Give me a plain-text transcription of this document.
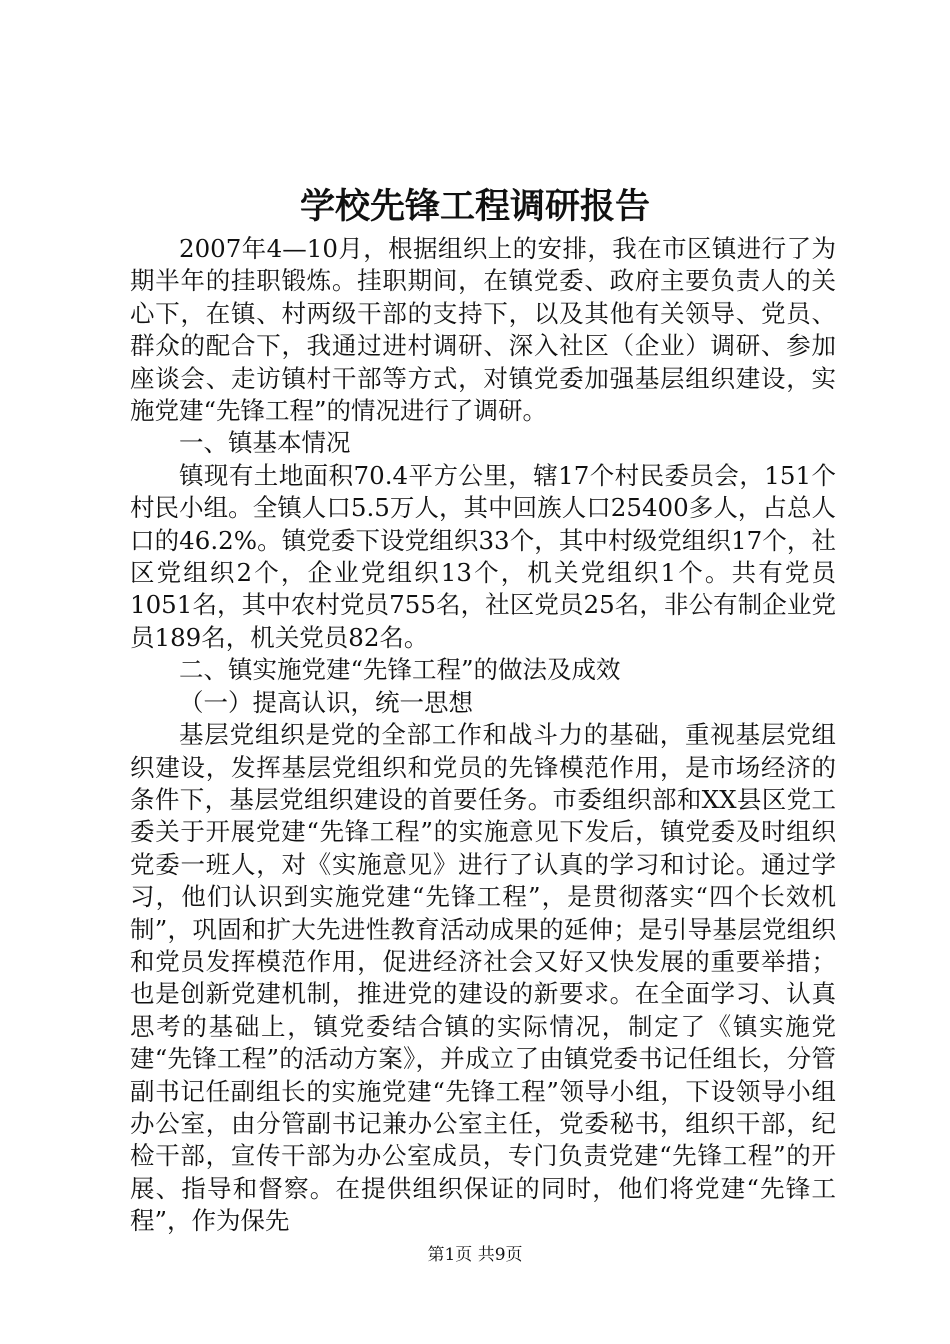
学校先锋工程调研报告

2007年4—10月，根据组织上的安排，我在市区镇进行了为期半年的挂职锻炼。挂职期间，在镇党委、政府主要负责人的关心下，在镇、村两级干部的支持下，以及其他有关领导、党员、群众的配合下，我通过进村调研、深入社区（企业）调研、参加座谈会、走访镇村干部等方式，对镇党委加强基层组织建设，实施党建“先锋工程”的情况进行了调研。

一、镇基本情况

镇现有土地面积70.4平方公里，辖17个村民委员会，151个村民小组。全镇人口5.5万人，其中回族人口25400多人，占总人口的46.2%。镇党委下设党组织33个，其中村级党组织17个，社区党组织2个，企业党组织13个，机关党组织1个。共有党员1051名，其中农村党员755名，社区党员25名，非公有制企业党员189名，机关党员82名。

二、镇实施党建“先锋工程”的做法及成效

（一）提高认识，统一思想

基层党组织是党的全部工作和战斗力的基础，重视基层党组织建设，发挥基层党组织和党员的先锋模范作用，是市场经济的条件下，基层党组织建设的首要任务。市委组织部和XX县区党工委关于开展党建“先锋工程”的实施意见下发后，镇党委及时组织党委一班人，对《实施意见》进行了认真的学习和讨论。通过学习，他们认识到实施党建“先锋工程”，是贯彻落实“四个长效机制”，巩固和扩大先进性教育活动成果的延伸；是引导基层党组织和党员发挥模范作用，促进经济社会又好又快发展的重要举措；也是创新党建机制，推进党的建设的新要求。在全面学习、认真思考的基础上，镇党委结合镇的实际情况，制定了《镇实施党建“先锋工程”的活动方案》，并成立了由镇党委书记任组长，分管副书记任副组长的实施党建“先锋工程”领导小组，下设领导小组办公室，由分管副书记兼办公室主任，党委秘书，组织干部，纪检干部，宣传干部为办公室成员，专门负责党建“先锋工程”的开展、指导和督察。在提供组织保证的同时，他们将党建“先锋工程”，作为保先

第1页 共9页
